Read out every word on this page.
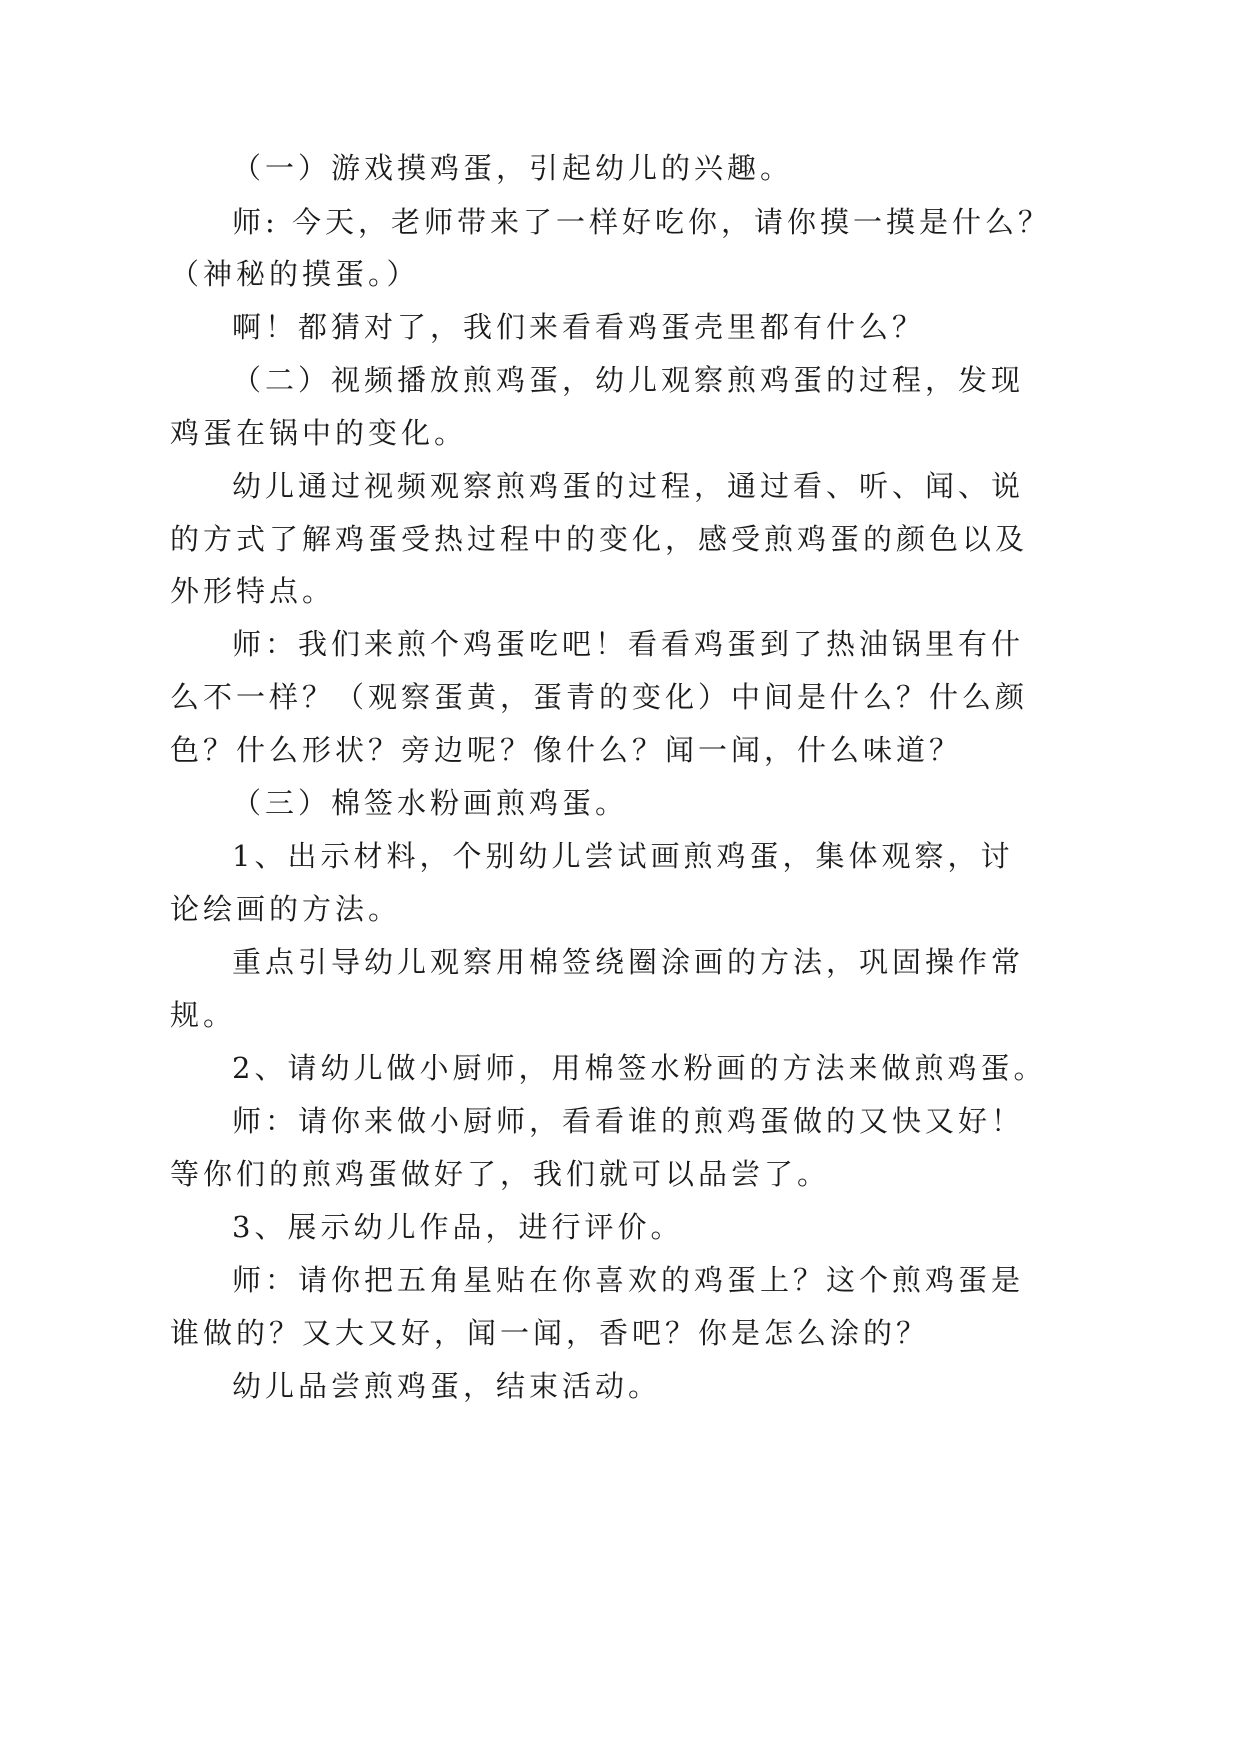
（一）游戏摸鸡蛋，引起幼儿的兴趣。

师: 今天，老师带来了一样好吃你，请你摸一摸是什么？

（神秘的摸蛋。）

啊！都猜对了，我们来看看鸡蛋壳里都有什么？

（二）视频播放煎鸡蛋，幼儿观察煎鸡蛋的过程，发现

鸡蛋在锅中的变化。

幼儿通过视频观察煎鸡蛋的过程，通过看、听、闻、说

的方式了解鸡蛋受热过程中的变化，感受煎鸡蛋的颜色以及

外形特点。

师：我们来煎个鸡蛋吃吧！看看鸡蛋到了热油锅里有什

么不一样？（观察蛋黄，蛋青的变化）中间是什么？什么颜

色？什么形状？旁边呢？像什么？闻一闻，什么味道？

（三）棉签水粉画煎鸡蛋。

1、出示材料，个别幼儿尝试画煎鸡蛋，集体观察，讨

论绘画的方法。

重点引导幼儿观察用棉签绕圈涂画的方法，巩固操作常

规。

2、请幼儿做小厨师，用棉签水粉画的方法来做煎鸡蛋。

师：请你来做小厨师，看看谁的煎鸡蛋做的又快又好！

等你们的煎鸡蛋做好了，我们就可以品尝了。

3、展示幼儿作品，进行评价。

师：请你把五角星贴在你喜欢的鸡蛋上？这个煎鸡蛋是

谁做的？又大又好，闻一闻，香吧？你是怎么涂的？

幼儿品尝煎鸡蛋，结束活动。
